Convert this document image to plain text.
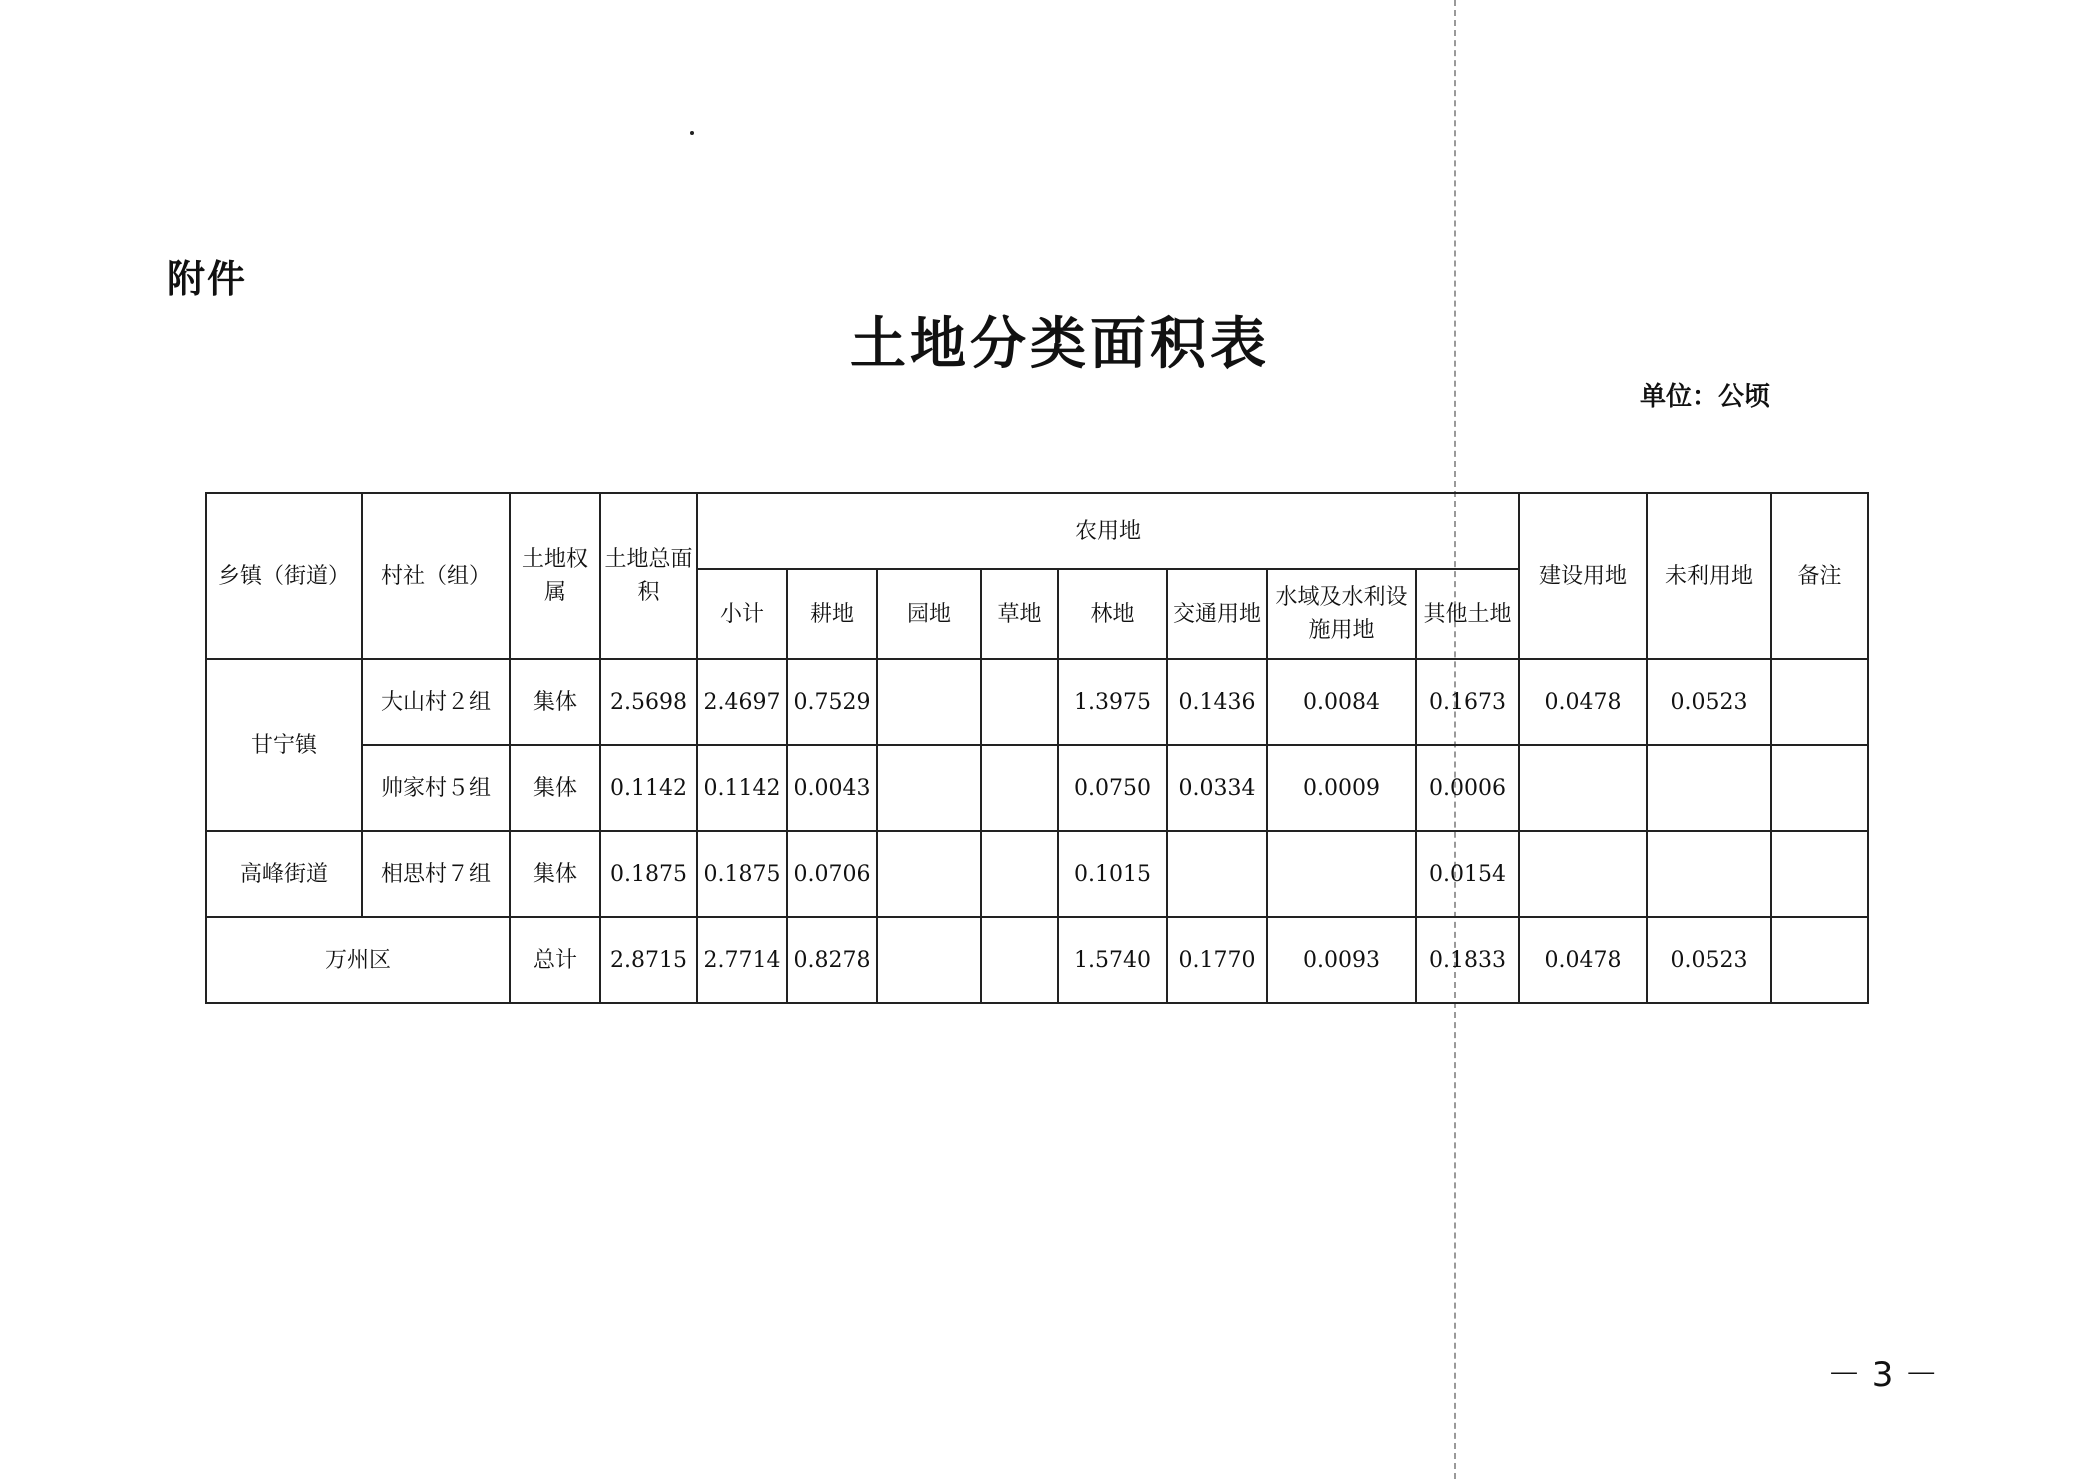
附件
土地分类面积表
单位：公顷
乡镇（街道）	村社（组）	土地权属	土地总面积	农用地								建设用地	未利用地	备注
				小计	耕地	园地	草地	林地	交通用地	水域及水利设施用地	其他土地			
甘宁镇	大山村２组	集体	2.5698	2.4697	0.7529			1.3975	0.1436	0.0084	0.1673	0.0478	0.0523	
	帅家村５组	集体	0.1142	0.1142	0.0043			0.0750	0.0334	0.0009	0.0006			
高峰街道	相思村７组	集体	0.1875	0.1875	0.0706			0.1015			0.0154			
万州区		总计	2.8715	2.7714	0.8278			1.5740	0.1770	0.0093	0.1833	0.0478	0.0523	
－ 3 －
